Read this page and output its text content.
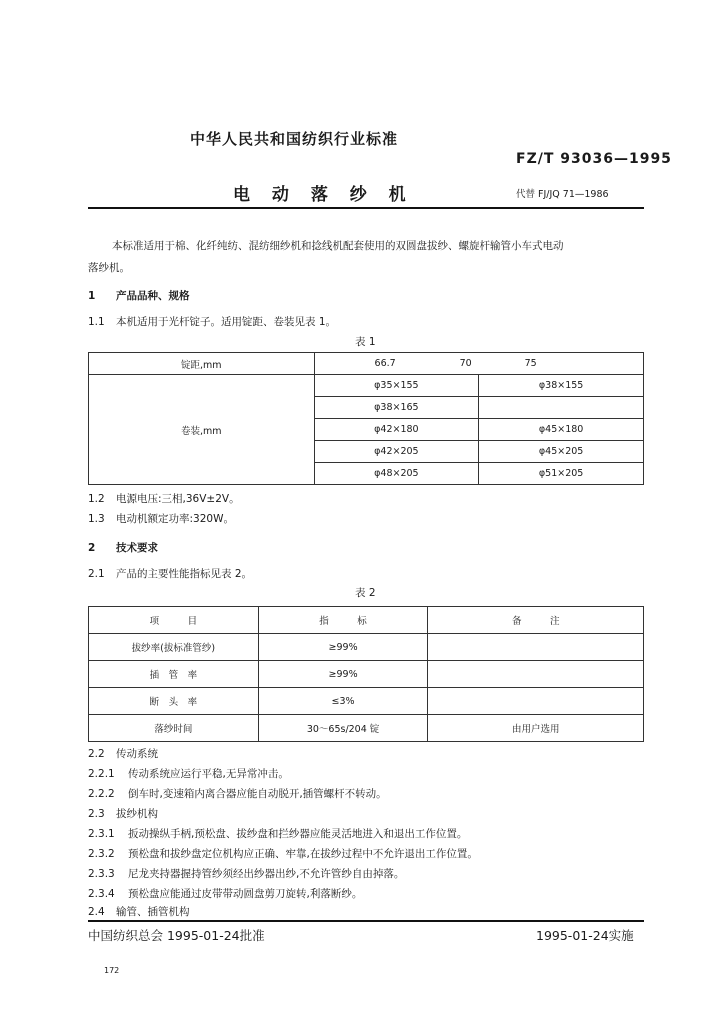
中华人民共和国纺织行业标准
FZ/T 93036—1995
电 动 落 纱 机	代替 FJ/JQ 71—1986
本标准适用于棉、化纤纯纺、混纺细纱机和捻线机配套使用的双圆盘拔纱、螺旋杆输管小车式电动
落纱机。
1 产品品种、规格
1.1 本机适用于光杆锭子。适用锭距、卷装见表 1。
表 1
锭距,mm	66.7 70 75	
卷装,mm	φ35×155	φ38×155
	φ38×165	
	φ42×180	φ45×180
	φ42×205	φ45×205
	φ48×205	φ51×205
1.2 电源电压:三相,36V±2V。
1.3 电动机额定功率:320W。
2 技术要求
2.1 产品的主要性能指标见表 2。
表 2
项　　　目	指　　　标	备　　　注
拔纱率(拔标准管纱)	≥99%	
插　管　率	≥99%	
断　头　率	≤3%	
落纱时间	30～65s/204 锭	由用户选用
2.2 传动系统
2.2.1 传动系统应运行平稳,无异常冲击。
2.2.2 倒车时,变速箱内离合器应能自动脱开,插管螺杆不转动。
2.3 拔纱机构
2.3.1 扳动操纵手柄,预松盘、拔纱盘和拦纱器应能灵活地进入和退出工作位置。
2.3.2 预松盘和拔纱盘定位机构应正确、牢靠,在拔纱过程中不允许退出工作位置。
2.3.3 尼龙夹持器握持管纱须经出纱器出纱,不允许管纱自由掉落。
2.3.4 预松盘应能通过皮带带动圆盘剪刀旋转,利落断纱。
2.4 输管、插管机构
中国纺织总会 1995-01-24批准	1995-01-24实施
172
